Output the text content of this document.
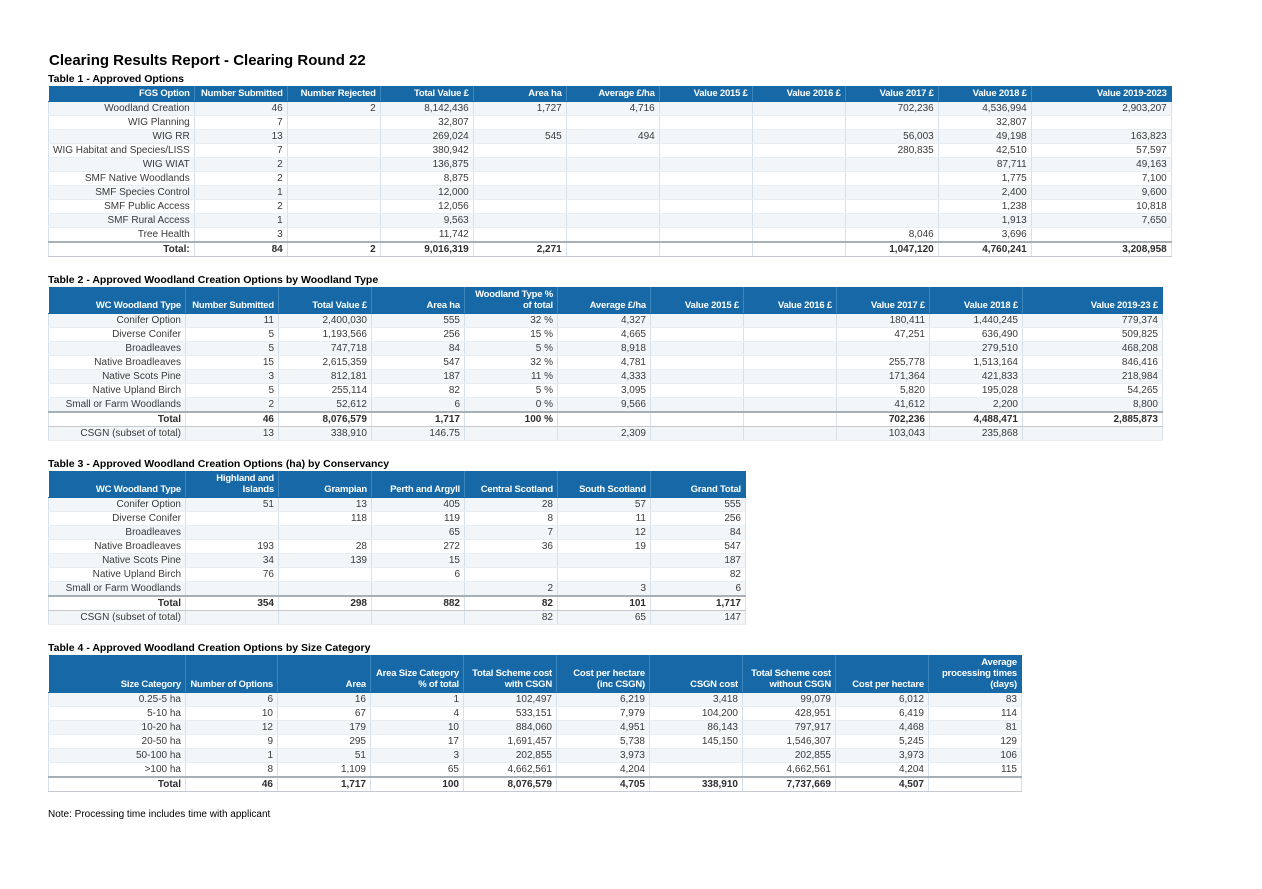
Clearing Results Report - Clearing Round 22
Table 1 - Approved Options
FGS Option	Number Submitted	Number Rejected	Total Value £	Area ha	Average £/ha	Value 2015 £	Value 2016 £	Value 2017 £	Value 2018 £	Value 2019-2023
Woodland Creation	46	2	8,142,436	1,727	4,716			702,236	4,536,994	2,903,207
WIG Planning	7		32,807						32,807	
WIG RR	13		269,024	545	494			56,003	49,198	163,823
WIG Habitat and Species/LISS	7		380,942					280,835	42,510	57,597
WIG WIAT	2		136,875						87,711	49,163
SMF Native Woodlands	2		8,875						1,775	7,100
SMF Species Control	1		12,000						2,400	9,600
SMF Public Access	2		12,056						1,238	10,818
SMF Rural Access	1		9,563						1,913	7,650
Tree Health	3		11,742					8,046	3,696	
Total:	84	2	9,016,319	2,271				1,047,120	4,760,241	3,208,958
Table 2 - Approved Woodland Creation Options by Woodland Type
WC Woodland Type	Number Submitted	Total Value £	Area ha	Woodland Type % of total	Average £/ha	Value 2015 £	Value 2016 £	Value 2017 £	Value 2018 £	Value 2019-23 £
Conifer Option	11	2,400,030	555	32 %	4,327			180,411	1,440,245	779,374
Diverse Conifer	5	1,193,566	256	15 %	4,665			47,251	636,490	509,825
Broadleaves	5	747,718	84	5 %	8,918				279,510	468,208
Native Broadleaves	15	2,615,359	547	32 %	4,781			255,778	1,513,164	846,416
Native Scots Pine	3	812,181	187	11 %	4,333			171,364	421,833	218,984
Native Upland Birch	5	255,114	82	5 %	3,095			5,820	195,028	54,265
Small or Farm Woodlands	2	52,612	6	0 %	9,566			41,612	2,200	8,800
Total	46	8,076,579	1,717	100 %				702,236	4,488,471	2,885,873
CSGN (subset of total)	13	338,910	146.75		2,309			103,043	235,868	
Table 3 - Approved Woodland Creation Options (ha) by Conservancy
WC Woodland Type	Highland and Islands	Grampian	Perth and Argyll	Central Scotland	South Scotland	Grand Total
Conifer Option	51	13	405	28	57	555
Diverse Conifer		118	119	8	11	256
Broadleaves			65	7	12	84
Native Broadleaves	193	28	272	36	19	547
Native Scots Pine	34	139	15			187
Native Upland Birch	76		6			82
Small or Farm Woodlands				2	3	6
Total	354	298	882	82	101	1,717
CSGN (subset of total)				82	65	147
Table 4 - Approved Woodland Creation Options by Size Category
Size Category	Number of Options	Area	Area Size Category % of total	Total Scheme cost with CSGN	Cost per hectare (inc CSGN)	CSGN cost	Total Scheme cost without CSGN	Cost per hectare	Average processing times (days)
0.25-5 ha	6	16	1	102,497	6,219	3,418	99,079	6,012	83
5-10 ha	10	67	4	533,151	7,979	104,200	428,951	6,419	114
10-20 ha	12	179	10	884,060	4,951	86,143	797,917	4,468	81
20-50 ha	9	295	17	1,691,457	5,738	145,150	1,546,307	5,245	129
50-100 ha	1	51	3	202,855	3,973		202,855	3,973	106
>100 ha	8	1,109	65	4,662,561	4,204		4,662,561	4,204	115
Total	46	1,717	100	8,076,579	4,705	338,910	7,737,669	4,507	
Note: Processing time includes time with applicant
